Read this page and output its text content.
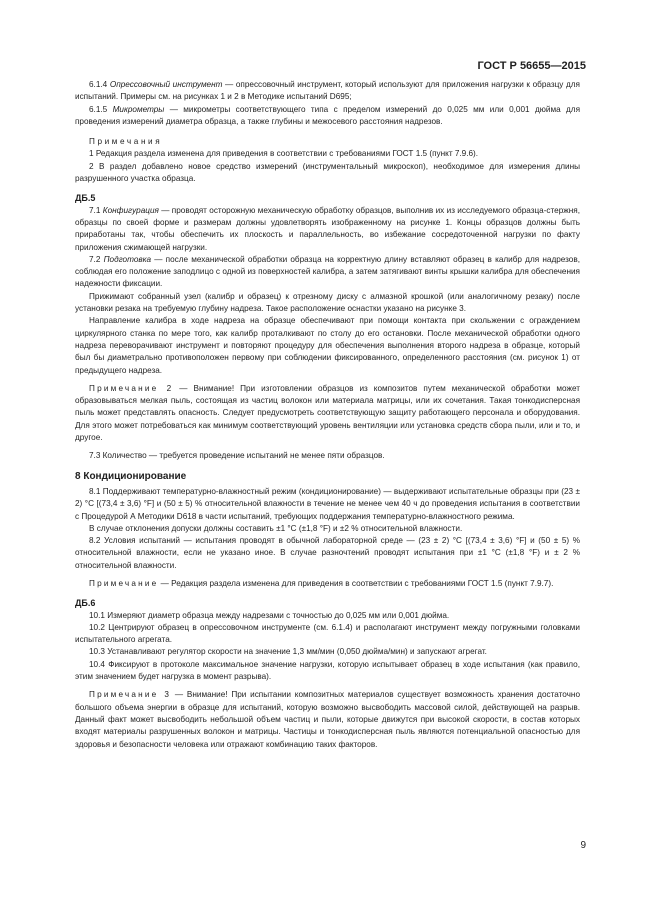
ГОСТ Р 56655—2015

6.1.4 Опрессовочный инструмент — опрессовочный инструмент, который используют для приложения нагрузки к образцу для испытаний. Примеры см. на рисунках 1 и 2 в Методике испытаний D695;

6.1.5 Микрометры — микрометры соответствующего типа с пределом измерений до 0,025 мм или 0,001 дюйма для проведения измерений диаметра образца, а также глубины и межосевого расстояния надрезов.

Примечания

1 Редакция раздела изменена для приведения в соответствии с требованиями ГОСТ 1.5 (пункт 7.9.6).

2 В раздел добавлено новое средство измерений (инструментальный микроскоп), необходимое для измерения длины разрушенного участка образца.

ДБ.5

7.1 Конфигурация — проводят осторожную механическую обработку образцов, выполнив их из исследуемого образца-стержня, образцы по своей форме и размерам должны удовлетворять изображенному на рисунке 1. Концы образцов должны быть приработаны так, чтобы обеспечить их плоскость и параллельность, во избежание сосредоточенной нагрузки по факту приложения сжимающей нагрузки.

7.2 Подготовка — после механической обработки образца на корректную длину вставляют образец в калибр для надрезов, соблюдая его положение заподлицо с одной из поверхностей калибра, а затем затягивают винты крышки калибра для обеспечения надежности фиксации.

Прижимают собранный узел (калибр и образец) к отрезному диску с алмазной крошкой (или аналогичному резаку) после установки резака на требуемую глубину надреза. Такое расположение оснастки указано на рисунке 3.

Направление калибра в ходе надреза на образце обеспечивают при помощи контакта при скольжении с ограждением циркулярного станка по мере того, как калибр проталкивают по столу до его остановки. После механической обработки одного надреза переворачивают инструмент и повторяют процедуру для обеспечения выполнения второго надреза в образце, который был бы диаметрально противоположен первому при соблюдении фиксированного, определенного расстояния (см. рисунок 1) от предыдущего надреза.

Примечание 2 — Внимание! При изготовлении образцов из композитов путем механической обработки может образовываться мелкая пыль, состоящая из частиц волокон или материала матрицы, или их сочетания. Такая тонкодисперсная пыль может представлять опасность. Следует предусмотреть соответствующую защиту работающего персонала и оборудования. Для этого может потребоваться как минимум соответствующий уровень вентиляции или установка средств сбора пыли, или и то, и другое.

7.3 Количество — требуется проведение испытаний не менее пяти образцов.

8 Кондиционирование

8.1 Поддерживают температурно-влажностный режим (кондиционирование) — выдерживают испытательные образцы при (23 ± 2) °С [(73,4 ± 3,6) °F] и (50 ± 5) % относительной влажности в течение не менее чем 40 ч до проведения испытания в соответствии с Процедурой А Методики D618 в части испытаний, требующих поддержания температурно-влажностного режима.

В случае отклонения допуски должны составить ±1 °С (±1,8 °F) и ±2 % относительной влажности.

8.2 Условия испытаний — испытания проводят в обычной лабораторной среде — (23 ± 2) °С [(73,4 ± 3,6) °F] и (50 ± 5) % относительной влажности, если не указано иное. В случае разночтений проводят испытания при ±1 °С (±1,8 °F) и ± 2 % относительной влажности.

Примечание — Редакция раздела изменена для приведения в соответствии с требованиями ГОСТ 1.5 (пункт 7.9.7).

ДБ.6

10.1 Измеряют диаметр образца между надрезами с точностью до 0,025 мм или 0,001 дюйма.

10.2 Центрируют образец в опрессовочном инструменте (см. 6.1.4) и располагают инструмент между погружными головками испытательного агрегата.

10.3 Устанавливают регулятор скорости на значение 1,3 мм/мин (0,050 дюйма/мин) и запускают агрегат.

10.4 Фиксируют в протоколе максимальное значение нагрузки, которую испытывает образец в ходе испытания (как правило, этим значением будет нагрузка в момент разрыва).

Примечание 3 — Внимание! При испытании композитных материалов существует возможность хранения достаточно большого объема энергии в образце для испытаний, которую возможно высвободить массовой силой, действующей на разрыв. Данный факт может высвободить небольшой объем частиц и пыли, которые движутся при высокой скорости, в состав которых входят материалы разрушенных волокон и матрицы. Частицы и тонкодисперсная пыль являются потенциальной опасностью для здоровья и безопасности человека или отражают комбинацию таких факторов.

9
